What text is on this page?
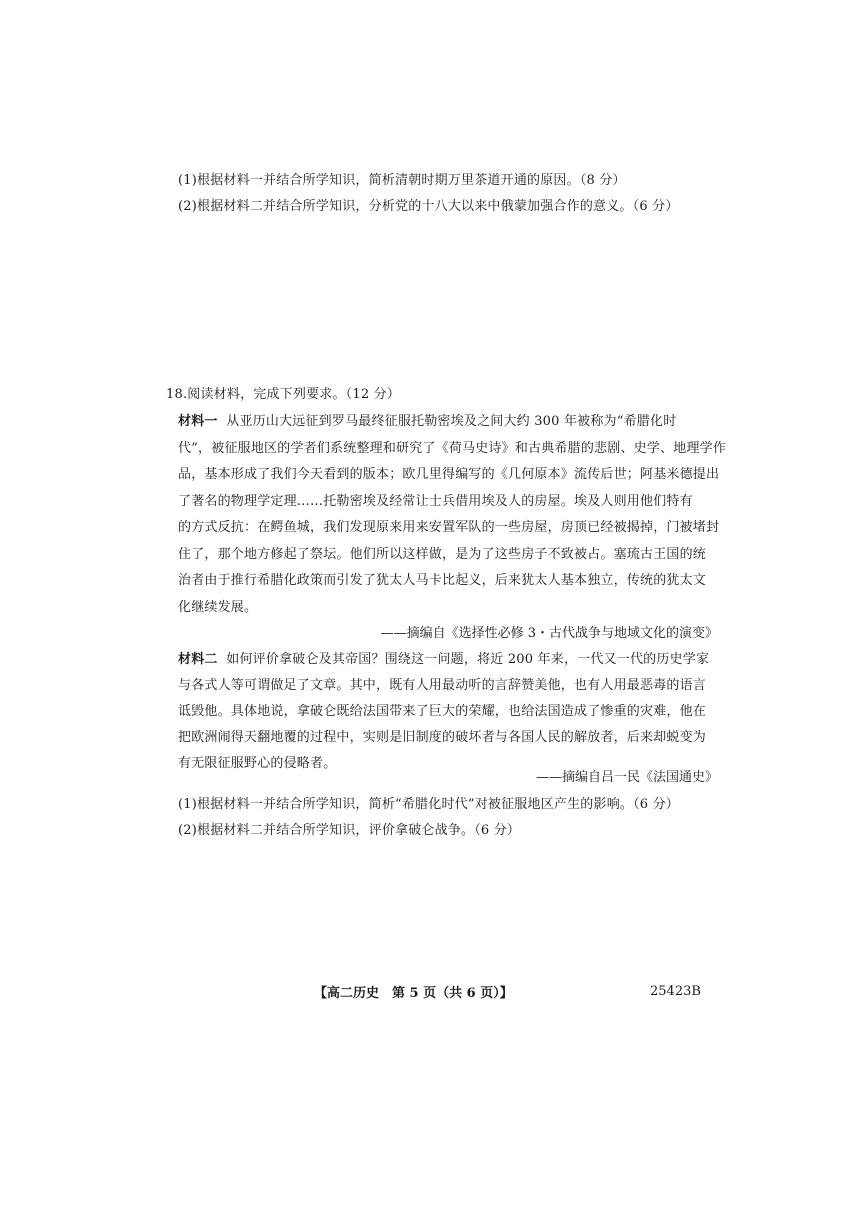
(1)根据材料一并结合所学知识，简析清朝时期万里茶道开通的原因。（8 分）
(2)根据材料二并结合所学知识，分析党的十八大以来中俄蒙加强合作的意义。（6 分）
18.阅读材料，完成下列要求。（12 分）
材料一 从亚历山大远征到罗马最终征服托勒密埃及之间大约 300 年被称为“希腊化时
代”，被征服地区的学者们系统整理和研究了《荷马史诗》和古典希腊的悲剧、史学、地理学作
品，基本形成了我们今天看到的版本；欧几里得编写的《几何原本》流传后世；阿基米德提出
了著名的物理学定理……托勒密埃及经常让士兵借用埃及人的房屋。埃及人则用他们特有
的方式反抗：在鳄鱼城，我们发现原来用来安置军队的一些房屋，房顶已经被揭掉，门被堵封
住了，那个地方修起了祭坛。他们所以这样做，是为了这些房子不致被占。塞琉古王国的统
治者由于推行希腊化政策而引发了犹太人马卡比起义，后来犹太人基本独立，传统的犹太文
化继续发展。
——摘编自《选择性必修 3・古代战争与地域文化的演变》
材料二 如何评价拿破仑及其帝国？围绕这一问题，将近 200 年来，一代又一代的历史学家
与各式人等可谓做足了文章。其中，既有人用最动听的言辞赞美他，也有人用最恶毒的语言
诋毁他。具体地说，拿破仑既给法国带来了巨大的荣耀，也给法国造成了惨重的灾难，他在
把欧洲闹得天翻地覆的过程中，实则是旧制度的破坏者与各国人民的解放者，后来却蜕变为
有无限征服野心的侵略者。
——摘编自吕一民《法国通史》
(1)根据材料一并结合所学知识，简析“希腊化时代”对被征服地区产生的影响。（6 分）
(2)根据材料二并结合所学知识，评价拿破仑战争。（6 分）
【高二历史　第 5 页（共 6 页）】	25423B
